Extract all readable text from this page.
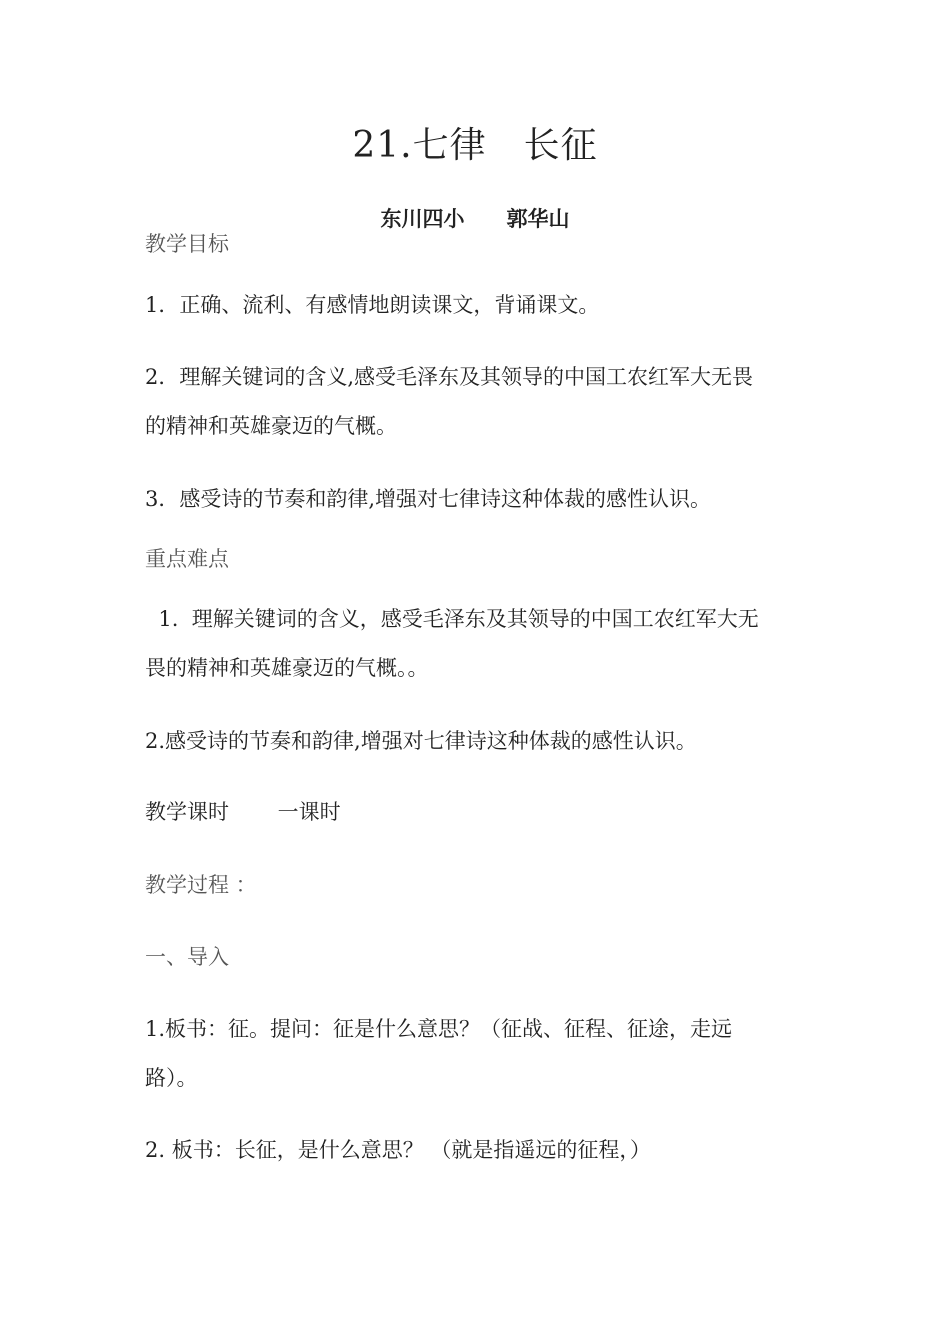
21.七律　长征
东川四小　　郭华山
教学目标
1．正确、流利、有感情地朗读课文，背诵课文。
2．理解关键词的含义,感受毛泽东及其领导的中国工农红军大无畏
的精神和英雄豪迈的气概。
3．感受诗的节奏和韵律,增强对七律诗这种体裁的感性认识。
重点难点
1.  理解关键词的含义，感受毛泽东及其领导的中国工农红军大无
畏的精神和英雄豪迈的气概。。
2.感受诗的节奏和韵律,增强对七律诗这种体裁的感性认识。
教学课时　　 一课时
教学过程 ：
一、导入
1.板书：征。提问：征是什么意思？（征战、征程、征途，走远
路）。
2. 板书：长征，是什么意思？ （就是指遥远的征程，）
